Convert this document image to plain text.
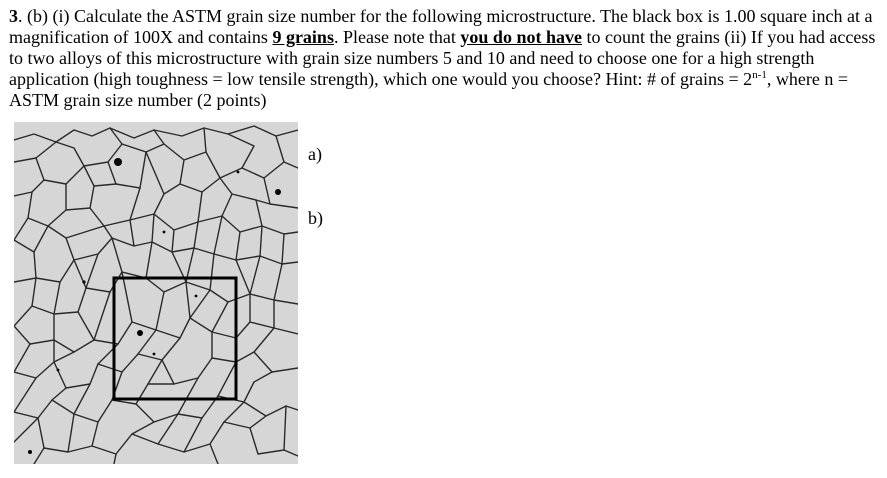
3. (b) (i) Calculate the ASTM grain size number for the following microstructure. The black box is 1.00 square inch at a
magnification of 100X and contains 9 grains. Please note that you do not have to count the grains (ii) If you had access
to two alloys of this microstructure with grain size numbers 5 and 10 and need to choose one for a high strength
application (high toughness = low tensile strength), which one would you choose? Hint: # of grains = $2^{n-1}$, where n =
ASTM grain size number (2 points)
a)
b)
